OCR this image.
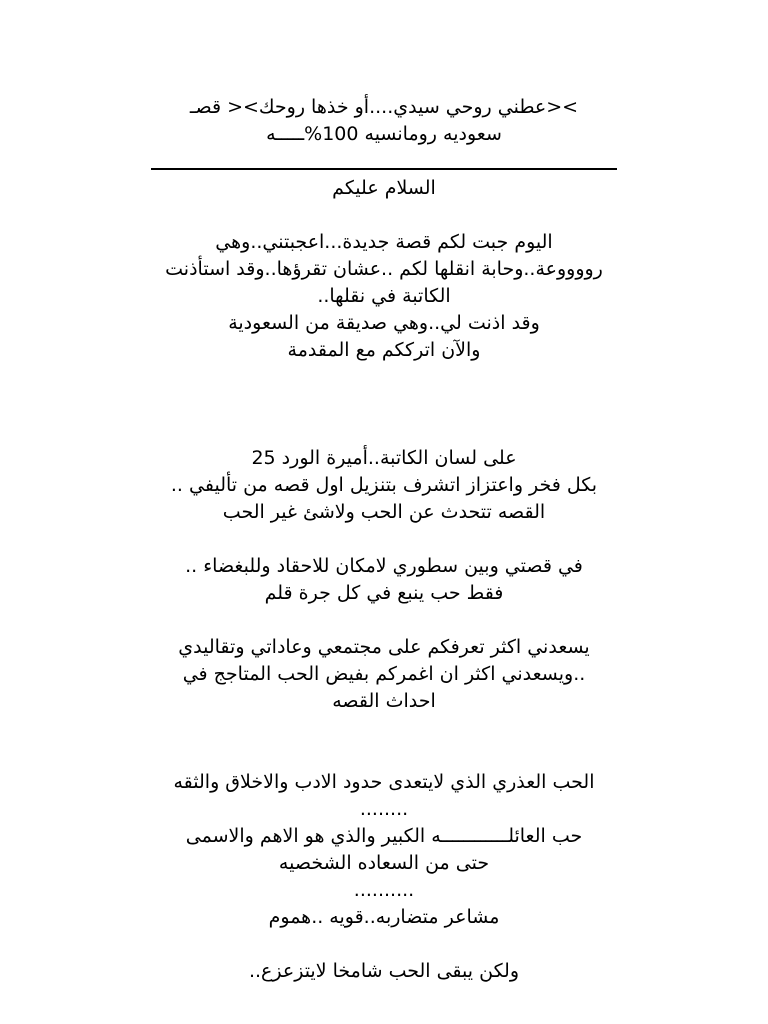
><عطني روحي سيدي....أو خذها روحك>< قصـ
سعوديه رومانسيه 100%ـــــه
السلام عليكم
اليوم جبت لكم قصة جديدة...اعجبتني..وهي
رووووعة..وحابة انقلها لكم ..عشان تقرؤها..وقد استأذنت
الكاتبة في نقلها..
وقد اذنت لي..وهي صديقة من السعودية
والآن اترككم مع المقدمة
على لسان الكاتبة..أميرة الورد 25
بكل فخر واعتزاز اتشرف بتنزيل اول قصه من تأليفي ..
القصه تتحدث عن الحب ولاشئ غير الحب
في قصتي وبين سطوري لامكان للاحقاد وللبغضاء ..
فقط حب ينبع في كل جرة قلم
يسعدني اكثر تعرفكم على مجتمعي وعاداتي وتقاليدي
..ويسعدني اكثر ان اغمركم بفيض الحب المتاجج في
احداث القصه
الحب العذري الذي لايتعدى حدود الادب والاخلاق والثقه
........
حب العائلــــــــــــه الكبير والذي هو الاهم والاسمى
حتى من السعاده الشخصيه
..........
مشاعر متضاربه..قويه ..هموم
ولكن يبقى الحب شامخا لايتزعزع..
